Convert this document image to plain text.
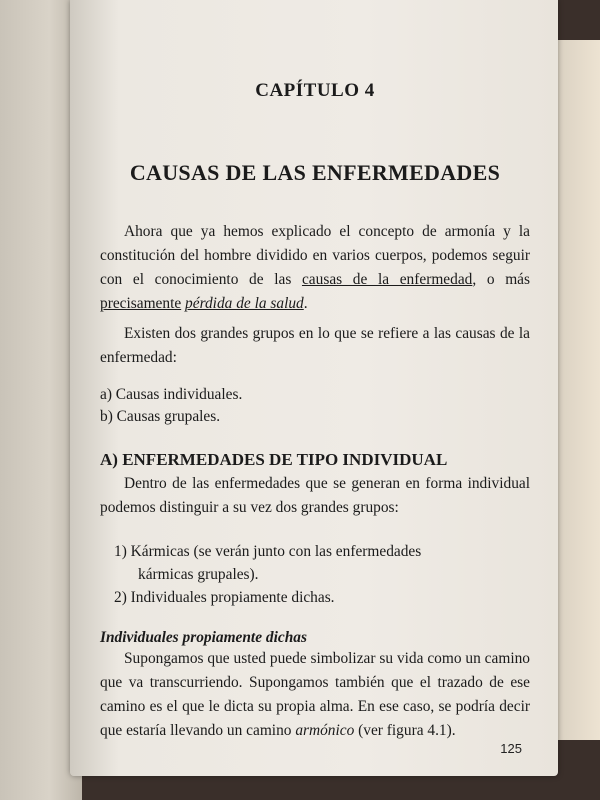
CAPÍTULO 4
CAUSAS DE LAS ENFERMEDADES

Ahora que ya hemos explicado el concepto de armonía y la constitución del hombre dividido en varios cuerpos, podemos seguir con el conocimiento de las causas de la enfermedad, o más precisamente pérdida de la salud.

Existen dos grandes grupos en lo que se refiere a las causas de la enfermedad:

a) Causas individuales.
b) Causas grupales.
A) ENFERMEDADES DE TIPO INDIVIDUAL

Dentro de las enfermedades que se generan en forma individual podemos distinguir a su vez dos grandes grupos:

1) Kármicas (se verán junto con las enfermedades
kármicas grupales).
2) Individuales propiamente dichas.
Individuales propiamente dichas

Supongamos que usted puede simbolizar su vida como un camino que va transcurriendo. Supongamos también que el trazado de ese camino es el que le dicta su propia alma. En ese caso, se podría decir que estaría llevando un camino armónico (ver figura 4.1).

125
